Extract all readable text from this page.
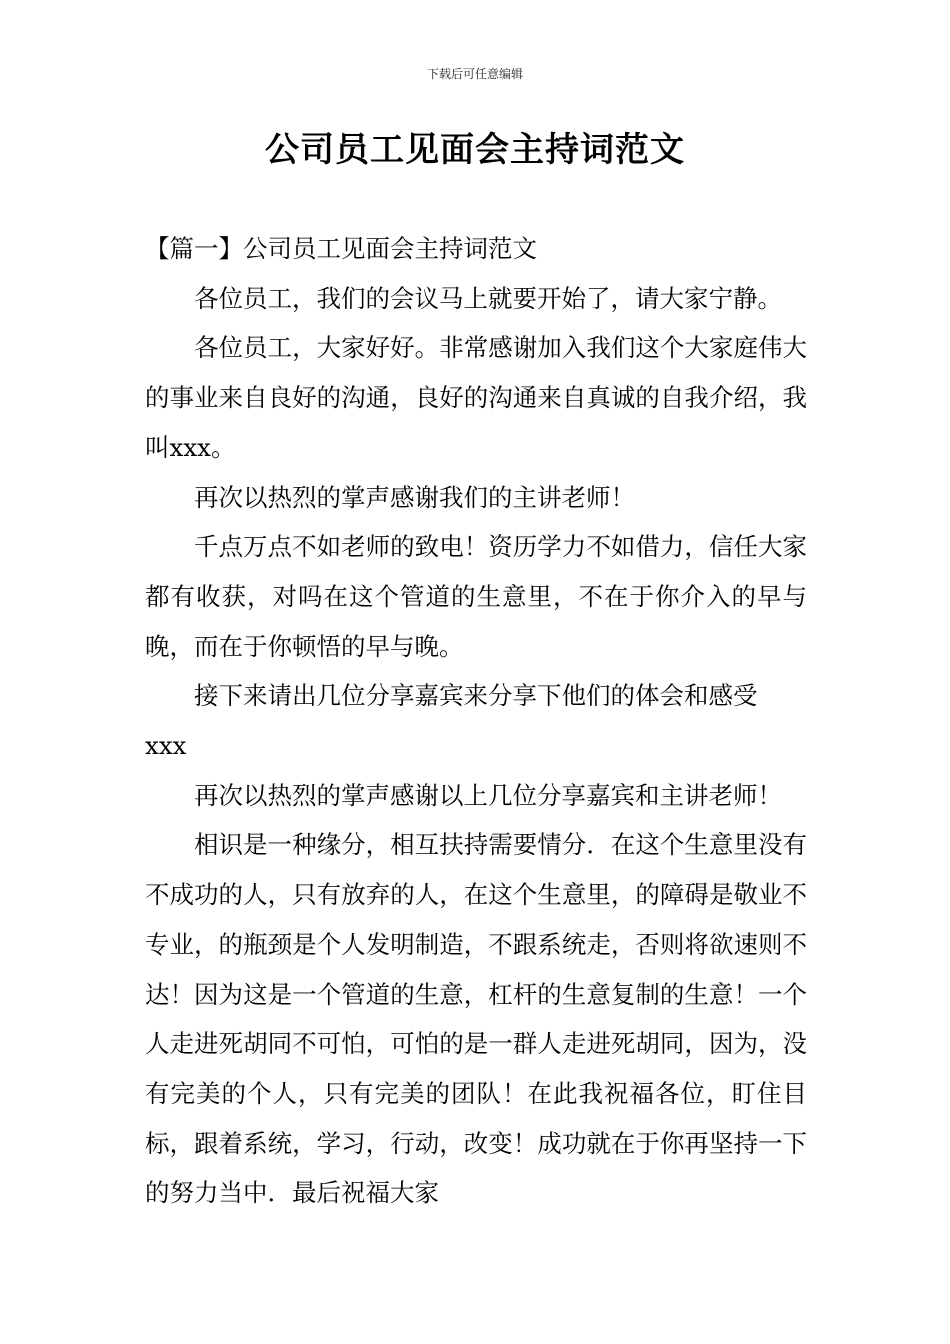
下载后可任意编辑
公司员工见面会主持词范文

【篇一】公司员工见面会主持词范文

各位员工，我们的会议马上就要开始了，请大家宁静。

各位员工，大家好好。非常感谢加入我们这个大家庭伟大的事业来自良好的沟通，良好的沟通来自真诚的自我介绍，我叫xxx。

再次以热烈的掌声感谢我们的主讲老师！

千点万点不如老师的致电！资历学力不如借力，信任大家都有收获，对吗在这个管道的生意里，不在于你介入的早与晚，而在于你顿悟的早与晚。

接下来请出几位分享嘉宾来分享下他们的体会和感受

xxx

再次以热烈的掌声感谢以上几位分享嘉宾和主讲老师！

相识是一种缘分，相互扶持需要情分．在这个生意里没有不成功的人，只有放弃的人，在这个生意里，的障碍是敬业不专业，的瓶颈是个人发明制造，不跟系统走，否则将欲速则不达！因为这是一个管道的生意，杠杆的生意复制的生意！一个人走进死胡同不可怕，可怕的是一群人走进死胡同，因为，没有完美的个人，只有完美的团队！在此我祝福各位，盯住目标，跟着系统，学习，行动，改变！成功就在于你再坚持一下的努力当中．最后祝福大家
